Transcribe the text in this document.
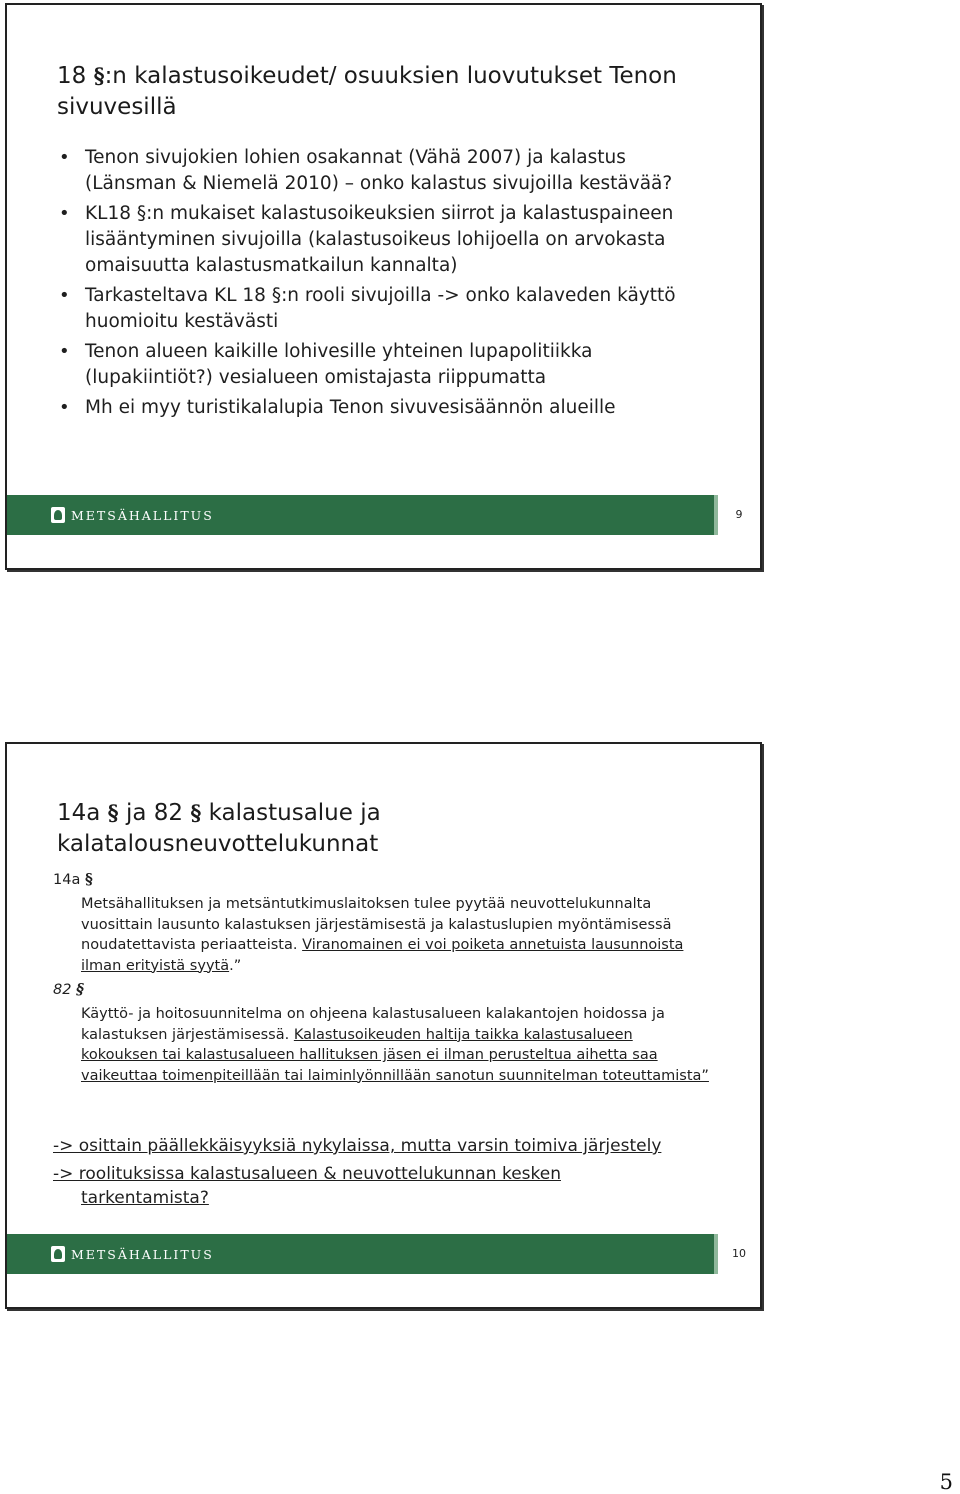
18 §:n kalastusoikeudet/ osuuksien luovutukset Tenon sivuvesillä
• Tenon sivujokien lohien osakannat (Vähä 2007) ja kalastus (Länsman & Niemelä 2010) – onko kalastus sivujoilla kestävää?
• KL18 §:n mukaiset kalastusoikeuksien siirrot ja kalastuspaineen lisääntyminen sivujoilla (kalastusoikeus lohijoella on arvokasta omaisuutta kalastusmatkailun kannalta)
• Tarkasteltava KL 18 §:n rooli sivujoilla -> onko kalaveden käyttö huomioitu kestävästi
• Tenon alueen kaikille lohivesille yhteinen lupapolitiikka (lupakiintiöt?) vesialueen omistajasta riippumatta
• Mh ei myy turistikalalupia Tenon sivuvesisäännön alueille
METSÄHALLITUS	9
14a § ja 82 § kalastusalue ja kalatalousneuvottelukunnat
14a §
Metsähallituksen ja metsäntutkimuslaitoksen tulee pyytää neuvottelukunnalta vuosittain lausunto kalastuksen järjestämisestä ja kalastuslupien myöntämisessä noudatettavista periaatteista. Viranomainen ei voi poiketa annetuista lausunnoista ilman erityistä syytä.”
82 §
Käyttö- ja hoitosuunnitelma on ohjeena kalastusalueen kalakantojen hoidossa ja kalastuksen järjestämisessä. Kalastusoikeuden haltija taikka kalastusalueen kokouksen tai kalastusalueen hallituksen jäsen ei ilman perusteltua aihetta saa vaikeuttaa toimenpiteillään tai laiminlyönnillään sanotun suunnitelman toteuttamista”
-> osittain päällekkäisyyksiä nykylaissa, mutta varsin toimiva järjestely
-> roolituksissa kalastusalueen & neuvottelukunnan kesken
tarkentamista?
METSÄHALLITUS	10
5
